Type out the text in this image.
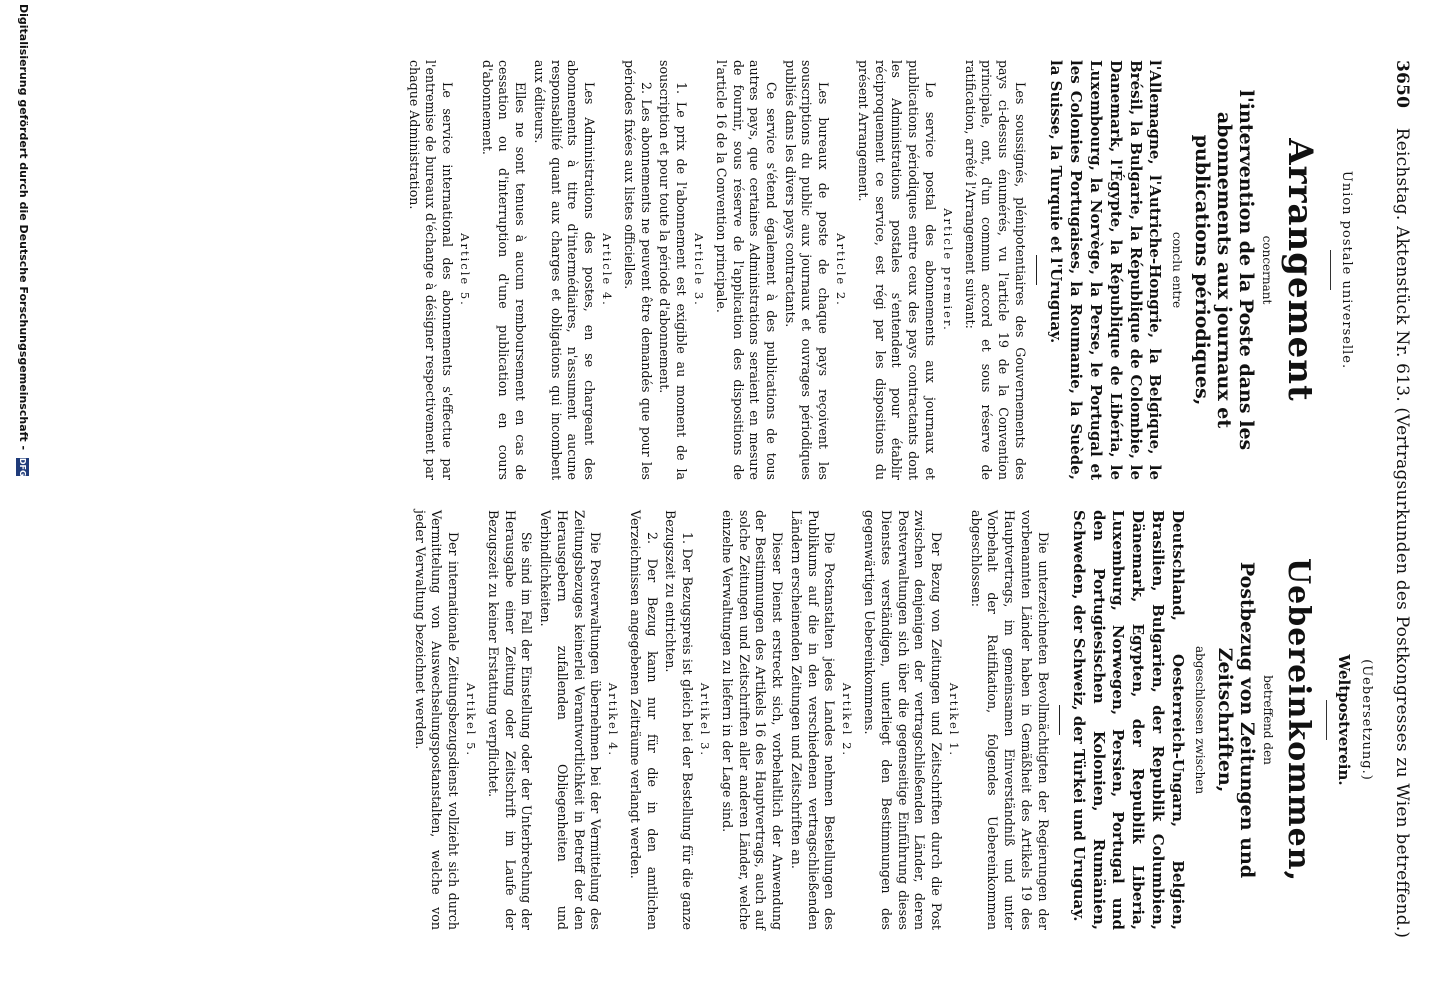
3650 Reichstag. Aktenstück Nr. 613. (Vertragsurkunden des Postkongresses zu Wien betreffend.)
Union postale universelle.
Arrangement
concernant
l'intervention de la Poste dans les abonnements aux journaux et publications périodiques,
conclu entre
l'Allemagne, l'Autriche-Hongrie, la Belgique, le Brésil, la Bulgarie, la République de Colombie, le Danemark, l'Égypte, la République de Libéria, le Luxembourg, la Norvège, la Perse, le Portugal et les Colonies Portugaises, la Roumanie, la Suède, la Suisse, la Turquie et l'Uruguay.

Les soussignés, plénipotentiaires des Gouvernements des pays ci-dessus énumérés, vu l'article 19 de la Convention principale, ont, d'un commun accord et sous réserve de ratification, arrêté l'Arrangement suivant:

Article premier.

Le service postal des abonnements aux journaux et publications périodiques entre ceux des pays contractants dont les Administrations postales s'entendent pour établir réciproquement ce service, est régi par les dispositions du présent Arrangement.

Article 2.

Les bureaux de poste de chaque pays reçoivent les souscriptions du public aux journaux et ouvrages périodiques publiés dans les divers pays contractants.

Ce service s'étend également à des publications de tous autres pays, que certaines Administrations seraient en mesure de fournir, sous réserve de l'application des dispositions de l'article 16 de la Convention principale.

Article 3.

1. Le prix de l'abonnement est exigible au moment de la souscription et pour toute la période d'abonnement.

2. Les abonnements ne peuvent être demandés que pour les périodes fixées aux listes officielles.

Article 4.

Les Administrations des postes, en se chargeant des abonnements à titre d'intermédiaires, n'assument aucune responsabilité quant aux charges et obligations qui incombent aux éditeurs.

Elles ne sont tenues à aucun remboursement en cas de cessation ou d'interruption d'une publication en cours d'abonnement.

Article 5.

Le service international des abonnements s'effectue par l'entremise de bureaux d'échange à désigner respectivement par chaque Administration.

(Uebersetzung.)
Weltpostverein.
Uebereinkommen,
betreffend den
Postbezug von Zeitungen und Zeitschriften,
abgeschlossen zwischen
Deutschland, Oesterreich-Ungarn, Belgien, Brasilien, Bulgarien, der Republik Columbien, Dänemark, Egypten, der Republik Liberia, Luxemburg, Norwegen, Persien, Portugal und den Portugiesischen Kolonien, Rumänien, Schweden, der Schweiz, der Türkei und Uruguay.

Die unterzeichneten Bevollmächtigten der Regierungen der vorbenannten Länder haben in Gemäßheit des Artikels 19 des Hauptvertrags, im gemeinsamen Einverständniß und unter Vorbehalt der Ratifikation, folgendes Uebereinkommen abgeschlossen:

Artikel 1.

Der Bezug von Zeitungen und Zeitschriften durch die Post zwischen denjenigen der vertragschließenden Länder, deren Postverwaltungen sich über die gegenseitige Einführung dieses Dienstes verständigen, unterliegt den Bestimmungen des gegenwärtigen Uebereinkommens.

Artikel 2.

Die Postanstalten jedes Landes nehmen Bestellungen des Publikums auf die in den verschiedenen vertragschließenden Ländern erscheinenden Zeitungen und Zeitschriften an.

Dieser Dienst erstreckt sich, vorbehaltlich der Anwendung der Bestimmungen des Artikels 16 des Hauptvertrags, auch auf solche Zeitungen und Zeitschriften aller anderen Länder, welche einzelne Verwaltungen zu liefern in der Lage sind.

Artikel 3.

1. Der Bezugspreis ist gleich bei der Bestellung für die ganze Bezugszeit zu entrichten.

2. Der Bezug kann nur für die in den amtlichen Verzeichnissen angegebenen Zeiträume verlangt werden.

Artikel 4.

Die Postverwaltungen übernehmen bei der Vermittelung des Zeitungsbezuges keinerlei Verantwortlichkeit in Betreff der den Herausgebern zufallenden Obliegenheiten und Verbindlichkeiten.

Sie sind im Fall der Einstellung oder der Unterbrechung der Herausgabe einer Zeitung oder Zeitschrift im Laufe der Bezugszeit zu keiner Erstattung verpflichtet.

Artikel 5.

Der internationale Zeitungsbezugsdienst vollzieht sich durch Vermittelung von Auswechselungspostanstalten, welche von jeder Verwaltung bezeichnet werden.

Digitalisierung gefördert durch die Deutsche Forschungsgemeinschaft - DFG
